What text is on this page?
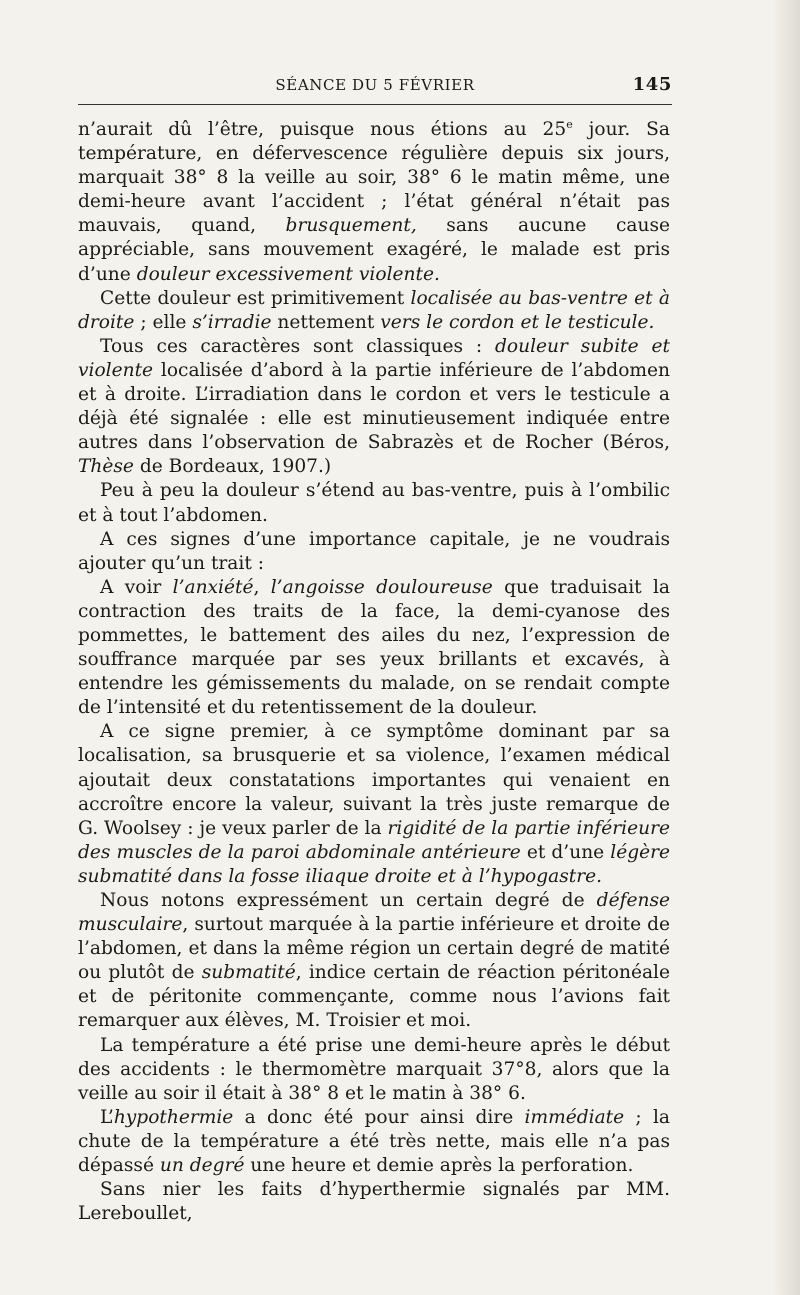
SÉANCE DU 5 FÉVRIER	145

n’aurait dû l’être, puisque nous étions au 25e jour. Sa température, en défervescence régulière depuis six jours, marquait 38° 8 la veille au soir, 38° 6 le matin même, une demi-heure avant l’accident ; l’état général n’était pas mauvais, quand, brusquement, sans aucune cause appréciable, sans mouvement exagéré, le malade est pris d’une douleur excessivement violente.

Cette douleur est primitivement localisée au bas-ventre et à droite ; elle s’irradie nettement vers le cordon et le testicule.

Tous ces caractères sont classiques : douleur subite et violente localisée d’abord à la partie inférieure de l’abdomen et à droite. L’irradiation dans le cordon et vers le testicule a déjà été signalée : elle est minutieusement indiquée entre autres dans l’observation de Sabrazès et de Rocher (Béros, Thèse de Bordeaux, 1907.)

Peu à peu la douleur s’étend au bas-ventre, puis à l’ombilic et à tout l’abdomen.

A ces signes d’une importance capitale, je ne voudrais ajouter qu’un trait :

A voir l’anxiété, l’angoisse douloureuse que traduisait la contraction des traits de la face, la demi-cyanose des pommettes, le battement des ailes du nez, l’expression de souffrance marquée par ses yeux brillants et excavés, à entendre les gémissements du malade, on se rendait compte de l’intensité et du retentissement de la douleur.

A ce signe premier, à ce symptôme dominant par sa localisation, sa brusquerie et sa violence, l’examen médical ajoutait deux constatations importantes qui venaient en accroître encore la valeur, suivant la très juste remarque de G. Woolsey : je veux parler de la rigidité de la partie inférieure des muscles de la paroi abdominale antérieure et d’une légère submatité dans la fosse iliaque droite et à l’hypogastre.

Nous notons expressément un certain degré de défense musculaire, surtout marquée à la partie inférieure et droite de l’abdomen, et dans la même région un certain degré de matité ou plutôt de submatité, indice certain de réaction péritonéale et de péritonite commençante, comme nous l’avions fait remarquer aux élèves, M. Troisier et moi.

La température a été prise une demi-heure après le début des accidents : le thermomètre marquait 37°8, alors que la veille au soir il était à 38° 8 et le matin à 38° 6.

L’hypothermie a donc été pour ainsi dire immédiate ; la chute de la température a été très nette, mais elle n’a pas dépassé un degré une heure et demie après la perforation.

Sans nier les faits d’hyperthermie signalés par MM. Lereboullet,
